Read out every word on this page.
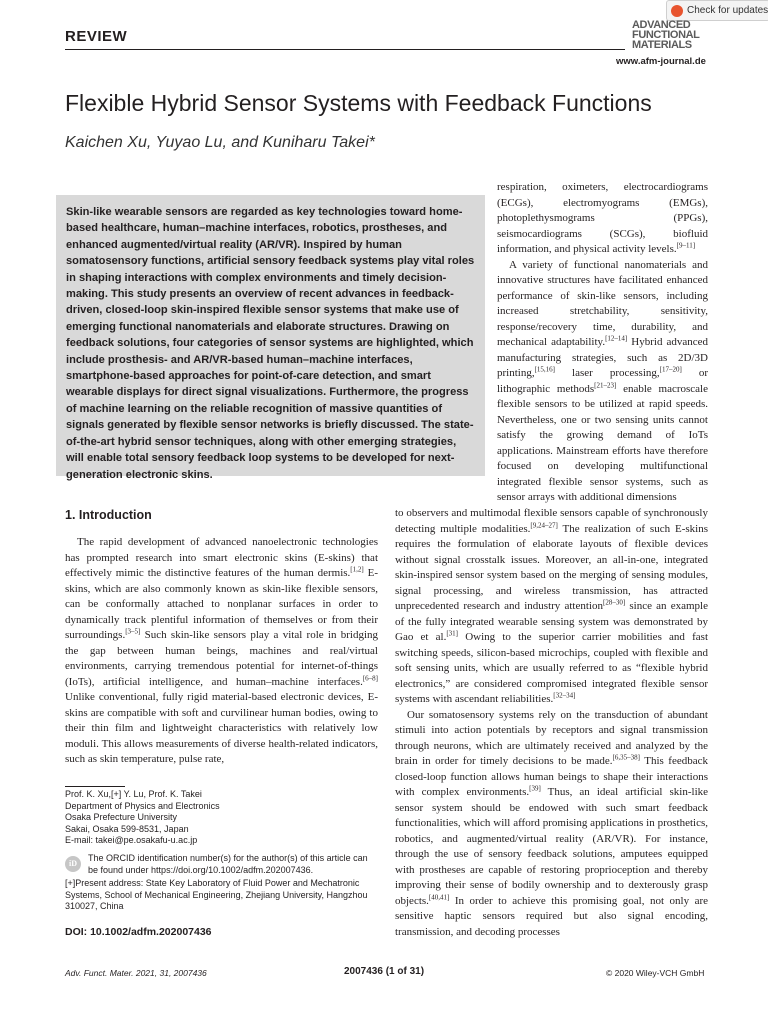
Check for updates
REVIEW
ADVANCED
FUNCTIONAL
MATERIALS
www.afm-journal.de
Flexible Hybrid Sensor Systems with Feedback Functions
Kaichen Xu, Yuyao Lu, and Kuniharu Takei*
Skin-like wearable sensors are regarded as key technologies toward home-based healthcare, human–machine interfaces, robotics, prostheses, and enhanced augmented/virtual reality (AR/VR). Inspired by human somatosensory functions, artificial sensory feedback systems play vital roles in shaping interactions with complex environments and timely decision-making. This study presents an overview of recent advances in feedback-driven, closed-loop skin-inspired flexible sensor systems that make use of emerging functional nanomaterials and elaborate structures. Drawing on feedback solutions, four categories of sensor systems are highlighted, which include prosthesis- and AR/VR-based human–machine interfaces, smartphone-based approaches for point-of-care detection, and smart wearable displays for direct signal visualizations. Furthermore, the progress of machine learning on the reliable recognition of massive quantities of signals generated by flexible sensor networks is briefly discussed. The state-of-the-art hybrid sensor techniques, along with other emerging strategies, will enable total sensory feedback loop systems to be developed for next-generation electronic skins.

respiration, oximeters, electrocardiograms (ECGs), electromyograms (EMGs), photoplethysmograms (PPGs), seismocardiograms (SCGs), biofluid information, and physical activity levels.[9–11]

A variety of functional nanomaterials and innovative structures have facilitated enhanced performance of skin-like sensors, including increased stretchability, sensitivity, response/recovery time, durability, and mechanical adaptability.[12–14] Hybrid advanced manufacturing strategies, such as 2D/3D printing,[15,16] laser processing,[17–20] or lithographic methods[21–23] enable macroscale flexible sensors to be utilized at rapid speeds. Nevertheless, one or two sensing units cannot satisfy the growing demand of IoTs applications. Mainstream efforts have therefore focused on developing multifunctional integrated flexible sensor systems, such as sensor arrays with additional dimensions

1. Introduction

The rapid development of advanced nanoelectronic technologies has prompted research into smart electronic skins (E-skins) that effectively mimic the distinctive features of the human dermis.[1,2] E-skins, which are also commonly known as skin-like flexible sensors, can be conformally attached to nonplanar surfaces in order to dynamically track plentiful information of themselves or from their surroundings.[3–5] Such skin-like sensors play a vital role in bridging the gap between human beings, machines and real/virtual environments, carrying tremendous potential for internet-of-things (IoTs), artificial intelligence, and human–machine interfaces.[6–8] Unlike conventional, fully rigid material-based electronic devices, E-skins are compatible with soft and curvilinear human bodies, owing to their thin film and lightweight characteristics with relatively low moduli. This allows measurements of diverse health-related indicators, such as skin temperature, pulse rate,

to observers and multimodal flexible sensors capable of synchronously detecting multiple modalities.[9,24–27] The realization of such E-skins requires the formulation of elaborate layouts of flexible devices without signal crosstalk issues. Moreover, an all-in-one, integrated skin-inspired sensor system based on the merging of sensing modules, signal processing, and wireless transmission, has attracted unprecedented research and industry attention[28–30] since an example of the fully integrated wearable sensing system was demonstrated by Gao et al.[31] Owing to the superior carrier mobilities and fast switching speeds, silicon-based microchips, coupled with flexible and soft sensing units, which are usually referred to as “flexible hybrid electronics,” are considered compromised integrated flexible sensor systems with ascendant reliabilities.[32–34]

Our somatosensory systems rely on the transduction of abundant stimuli into action potentials by receptors and signal transmission through neurons, which are ultimately received and analyzed by the brain in order for timely decisions to be made.[6,35–38] This feedback closed-loop function allows human beings to shape their interactions with complex environments.[39] Thus, an ideal artificial skin-like sensor system should be endowed with such smart feedback functionalities, which will afford promising applications in prosthetics, robotics, and augmented/virtual reality (AR/VR). For instance, through the use of sensory feedback solutions, amputees equipped with prostheses are capable of restoring proprioception and thereby improving their sense of bodily ownership and to dexterously grasp objects.[40,41] In order to achieve this promising goal, not only are sensitive haptic sensors required but also signal encoding, transmission, and decoding processes

Prof. K. Xu,[+] Y. Lu, Prof. K. Takei

Department of Physics and Electronics

Osaka Prefecture University

Sakai, Osaka 599-8531, Japan

E-mail: takei@pe.osakafu-u.ac.jp

iD
The ORCID identification number(s) for the author(s) of this article can be found under https://doi.org/10.1002/adfm.202007436.
[+]Present address: State Key Laboratory of Fluid Power and Mechatronic Systems, School of Mechanical Engineering, Zhejiang University, Hangzhou 310027, China
DOI: 10.1002/adfm.202007436
Adv. Funct. Mater. 2021, 31, 2007436	2007436 (1 of 31)	© 2020 Wiley-VCH GmbH
